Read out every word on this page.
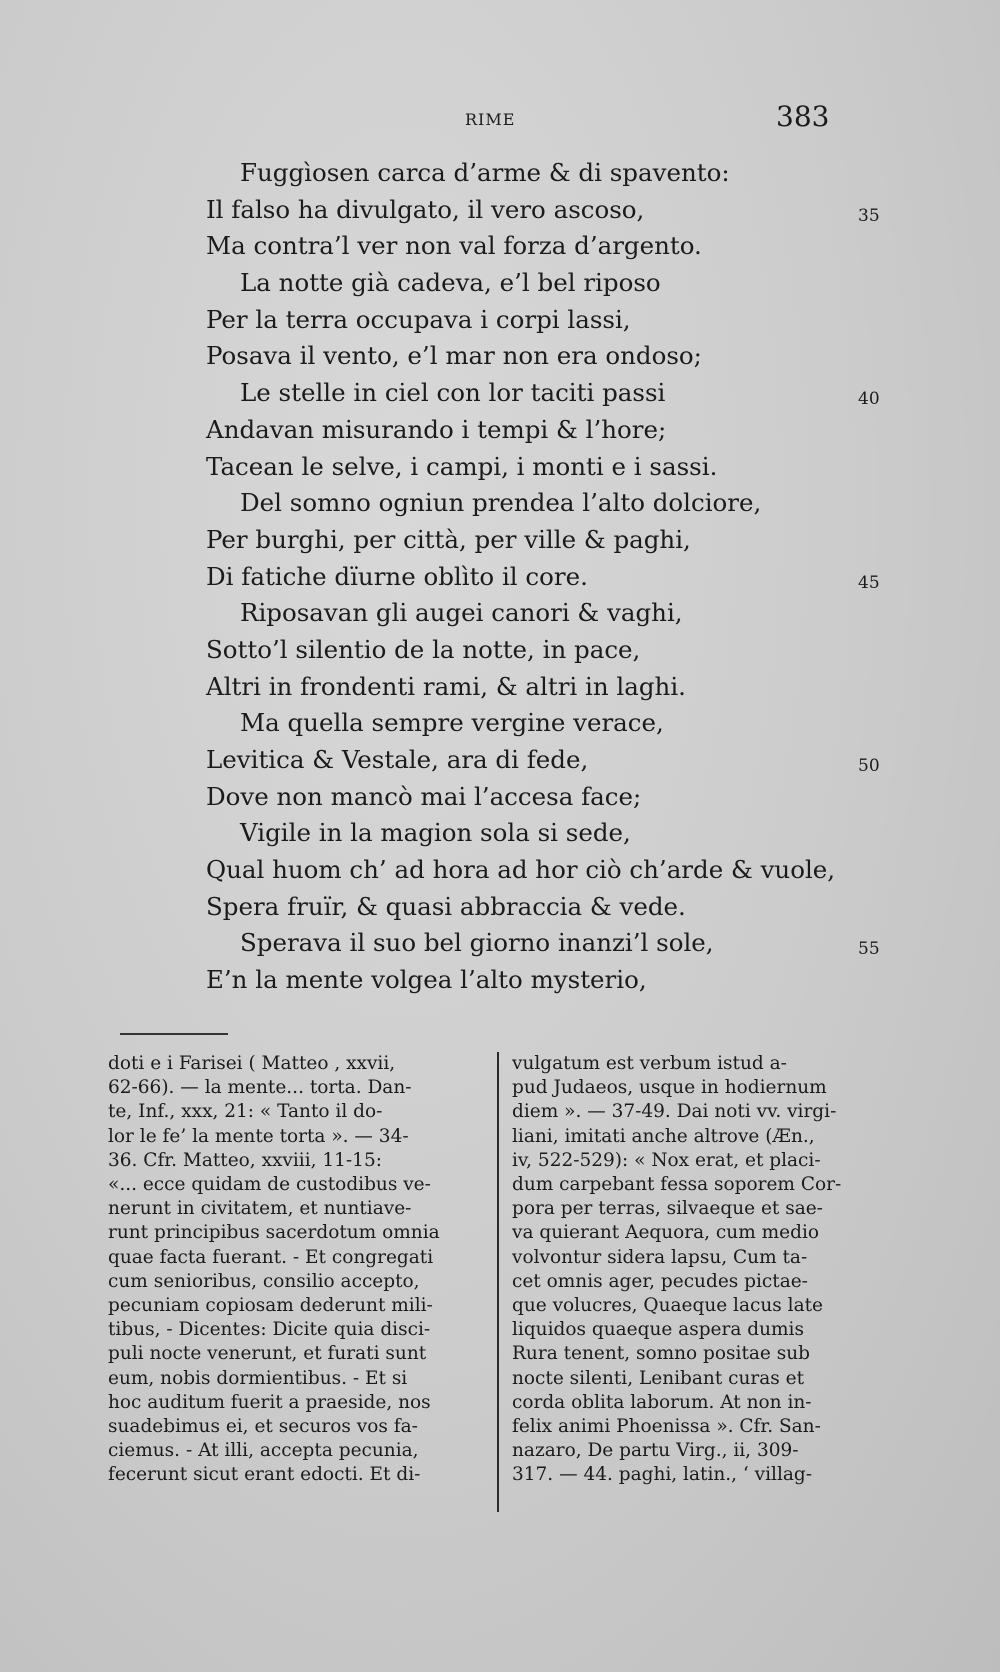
RIME	383
Fuggìosen carca d’arme & di spavento:
Il falso ha divulgato, il vero ascoso,	35
Ma contra’l ver non val forza d’argento.
La notte già cadeva, e’l bel riposo
Per la terra occupava i corpi lassi,
Posava il vento, e’l mar non era ondoso;
Le stelle in ciel con lor taciti passi	40
Andavan misurando i tempi & l’hore;
Tacean le selve, i campi, i monti e i sassi.
Del somno ogniun prendea l’alto dolciore,
Per burghi, per città, per ville & paghi,
Di fatiche dïurne oblìto il core.	45
Riposavan gli augei canori & vaghi,
Sotto’l silentio de la notte, in pace,
Altri in frondenti rami, & altri in laghi.
Ma quella sempre vergine verace,
Levitica & Vestale, ara di fede,	50
Dove non mancò mai l’accesa face;
Vigile in la magion sola si sede,
Qual huom ch’ ad hora ad hor ciò ch’arde & vuole,
Spera fruïr, & quasi abbraccia & vede.
Sperava il suo bel giorno inanzi’l sole,	55
E’n la mente volgea l’alto mysterio,
doti e i Farisei ( Matteo , xxvii,
62-66). — la mente... torta. Dan-
te, Inf., xxx, 21: « Tanto il do-
lor le fe’ la mente torta ». — 34-
36. Cfr. Matteo, xxviii, 11-15:
«... ecce quidam de custodibus ve-
nerunt in civitatem, et nuntiave-
runt principibus sacerdotum omnia
quae facta fuerant. - Et congregati
cum senioribus, consilio accepto,
pecuniam copiosam dederunt mili-
tibus, - Dicentes: Dicite quia disci-
puli nocte venerunt, et furati sunt
eum, nobis dormientibus. - Et si
hoc auditum fuerit a praeside, nos
suadebimus ei, et securos vos fa-
ciemus. - At illi, accepta pecunia,
fecerunt sicut erant edocti. Et di-
vulgatum est verbum istud a-
pud Judaeos, usque in hodiernum
diem ». — 37-49. Dai noti vv. virgi-
liani, imitati anche altrove (Æn.,
iv, 522-529): « Nox erat, et placi-
dum carpebant fessa soporem Cor-
pora per terras, silvaeque et sae-
va quierant Aequora, cum medio
volvontur sidera lapsu, Cum ta-
cet omnis ager, pecudes pictae-
que volucres, Quaeque lacus late
liquidos quaeque aspera dumis
Rura tenent, somno positae sub
nocte silenti, Lenibant curas et
corda oblita laborum. At non in-
felix animi Phoenissa ». Cfr. San-
nazaro, De partu Virg., ii, 309-
317. — 44. paghi, latin., ‘ villag-
